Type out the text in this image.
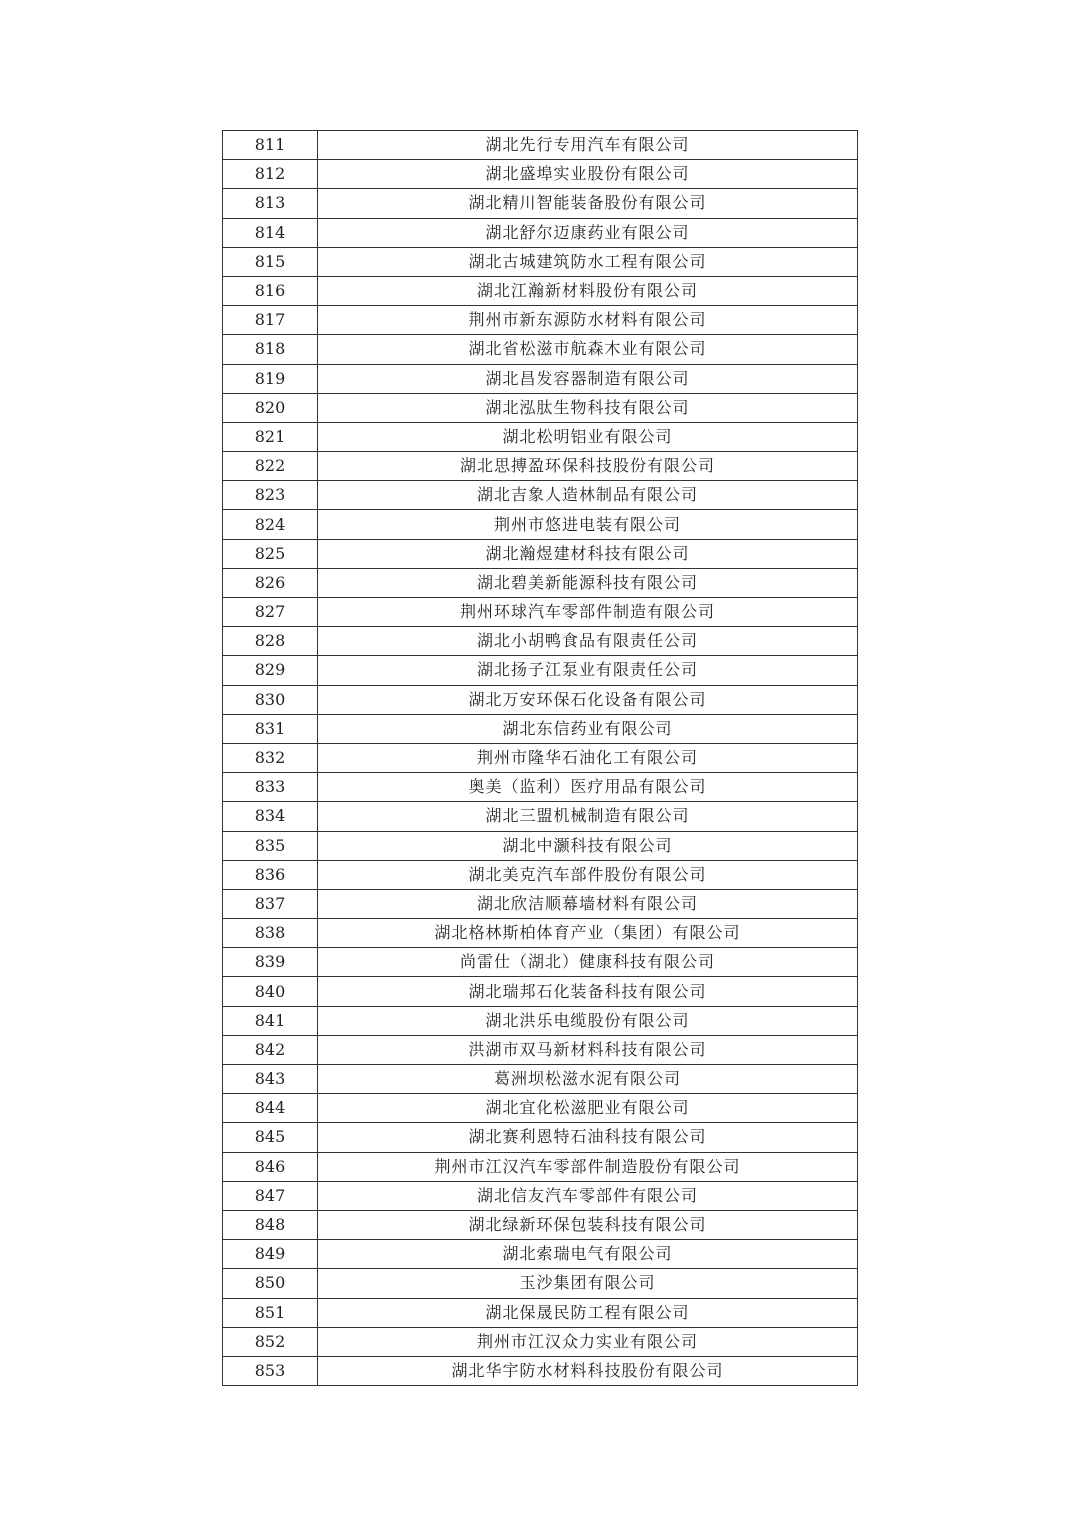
811	湖北先行专用汽车有限公司
812	湖北盛埠实业股份有限公司
813	湖北精川智能装备股份有限公司
814	湖北舒尔迈康药业有限公司
815	湖北古城建筑防水工程有限公司
816	湖北江瀚新材料股份有限公司
817	荆州市新东源防水材料有限公司
818	湖北省松滋市航森木业有限公司
819	湖北昌发容器制造有限公司
820	湖北泓肽生物科技有限公司
821	湖北松明铝业有限公司
822	湖北思搏盈环保科技股份有限公司
823	湖北吉象人造林制品有限公司
824	荆州市悠进电装有限公司
825	湖北瀚煜建材科技有限公司
826	湖北碧美新能源科技有限公司
827	荆州环球汽车零部件制造有限公司
828	湖北小胡鸭食品有限责任公司
829	湖北扬子江泵业有限责任公司
830	湖北万安环保石化设备有限公司
831	湖北东信药业有限公司
832	荆州市隆华石油化工有限公司
833	奥美（监利）医疗用品有限公司
834	湖北三盟机械制造有限公司
835	湖北中灏科技有限公司
836	湖北美克汽车部件股份有限公司
837	湖北欣洁顺幕墙材料有限公司
838	湖北格林斯柏体育产业（集团）有限公司
839	尚雷仕（湖北）健康科技有限公司
840	湖北瑞邦石化装备科技有限公司
841	湖北洪乐电缆股份有限公司
842	洪湖市双马新材料科技有限公司
843	葛洲坝松滋水泥有限公司
844	湖北宜化松滋肥业有限公司
845	湖北赛利恩特石油科技有限公司
846	荆州市江汉汽车零部件制造股份有限公司
847	湖北信友汽车零部件有限公司
848	湖北绿新环保包装科技有限公司
849	湖北索瑞电气有限公司
850	玉沙集团有限公司
851	湖北保晟民防工程有限公司
852	荆州市江汉众力实业有限公司
853	湖北华宇防水材料科技股份有限公司
